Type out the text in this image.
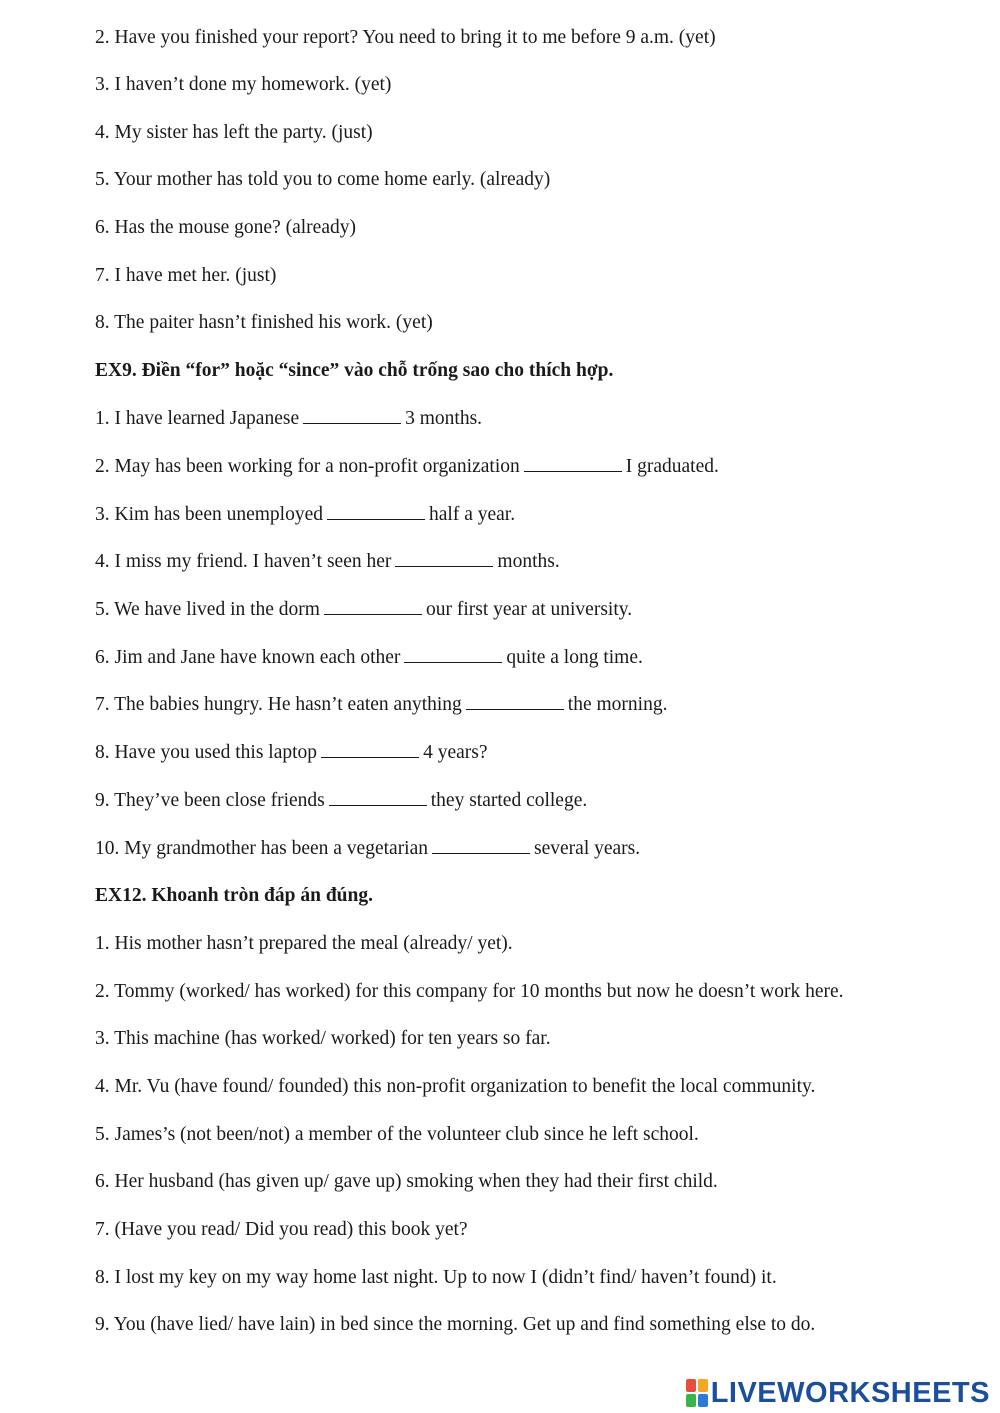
2. Have you finished your report? You need to bring it to me before 9 a.m. (yet)
3. I haven’t done my homework. (yet)
4. My sister has left the party. (just)
5. Your mother has told you to come home early. (already)
6. Has the mouse gone? (already)
7. I have met her. (just)
8. The paiter hasn’t finished his work. (yet)
EX9. Điền “for” hoặc “since” vào chỗ trống sao cho thích hợp.
1. I have learned Japanese	3 months.
2. May has been working for a non-profit organization	I graduated.
3. Kim has been unemployed	half a year.
4. I miss my friend. I haven’t seen her	months.
5. We have lived in the dorm	our first year at university.
6. Jim and Jane have known each other	quite a long time.
7. The babies hungry. He hasn’t eaten anything	the morning.
8. Have you used this laptop	4 years?
9. They’ve been close friends	they started college.
10. My grandmother has been a vegetarian	several years.
EX12. Khoanh tròn đáp án đúng.
1. His mother hasn’t prepared the meal (already/ yet).
2. Tommy (worked/ has worked) for this company for 10 months but now he doesn’t work here.
3. This machine (has worked/ worked) for ten years so far.
4. Mr. Vu (have found/ founded) this non-profit organization to benefit the local community.
5. James’s (not been/not) a member of the volunteer club since he left school.
6. Her husband (has given up/ gave up) smoking when they had their first child.
7. (Have you read/ Did you read) this book yet?
8. I lost my key on my way home last night. Up to now I (didn’t find/ haven’t found) it.
9. You (have lied/ have lain) in bed since the morning. Get up and find something else to do.
LIVEWORKSHEETS
